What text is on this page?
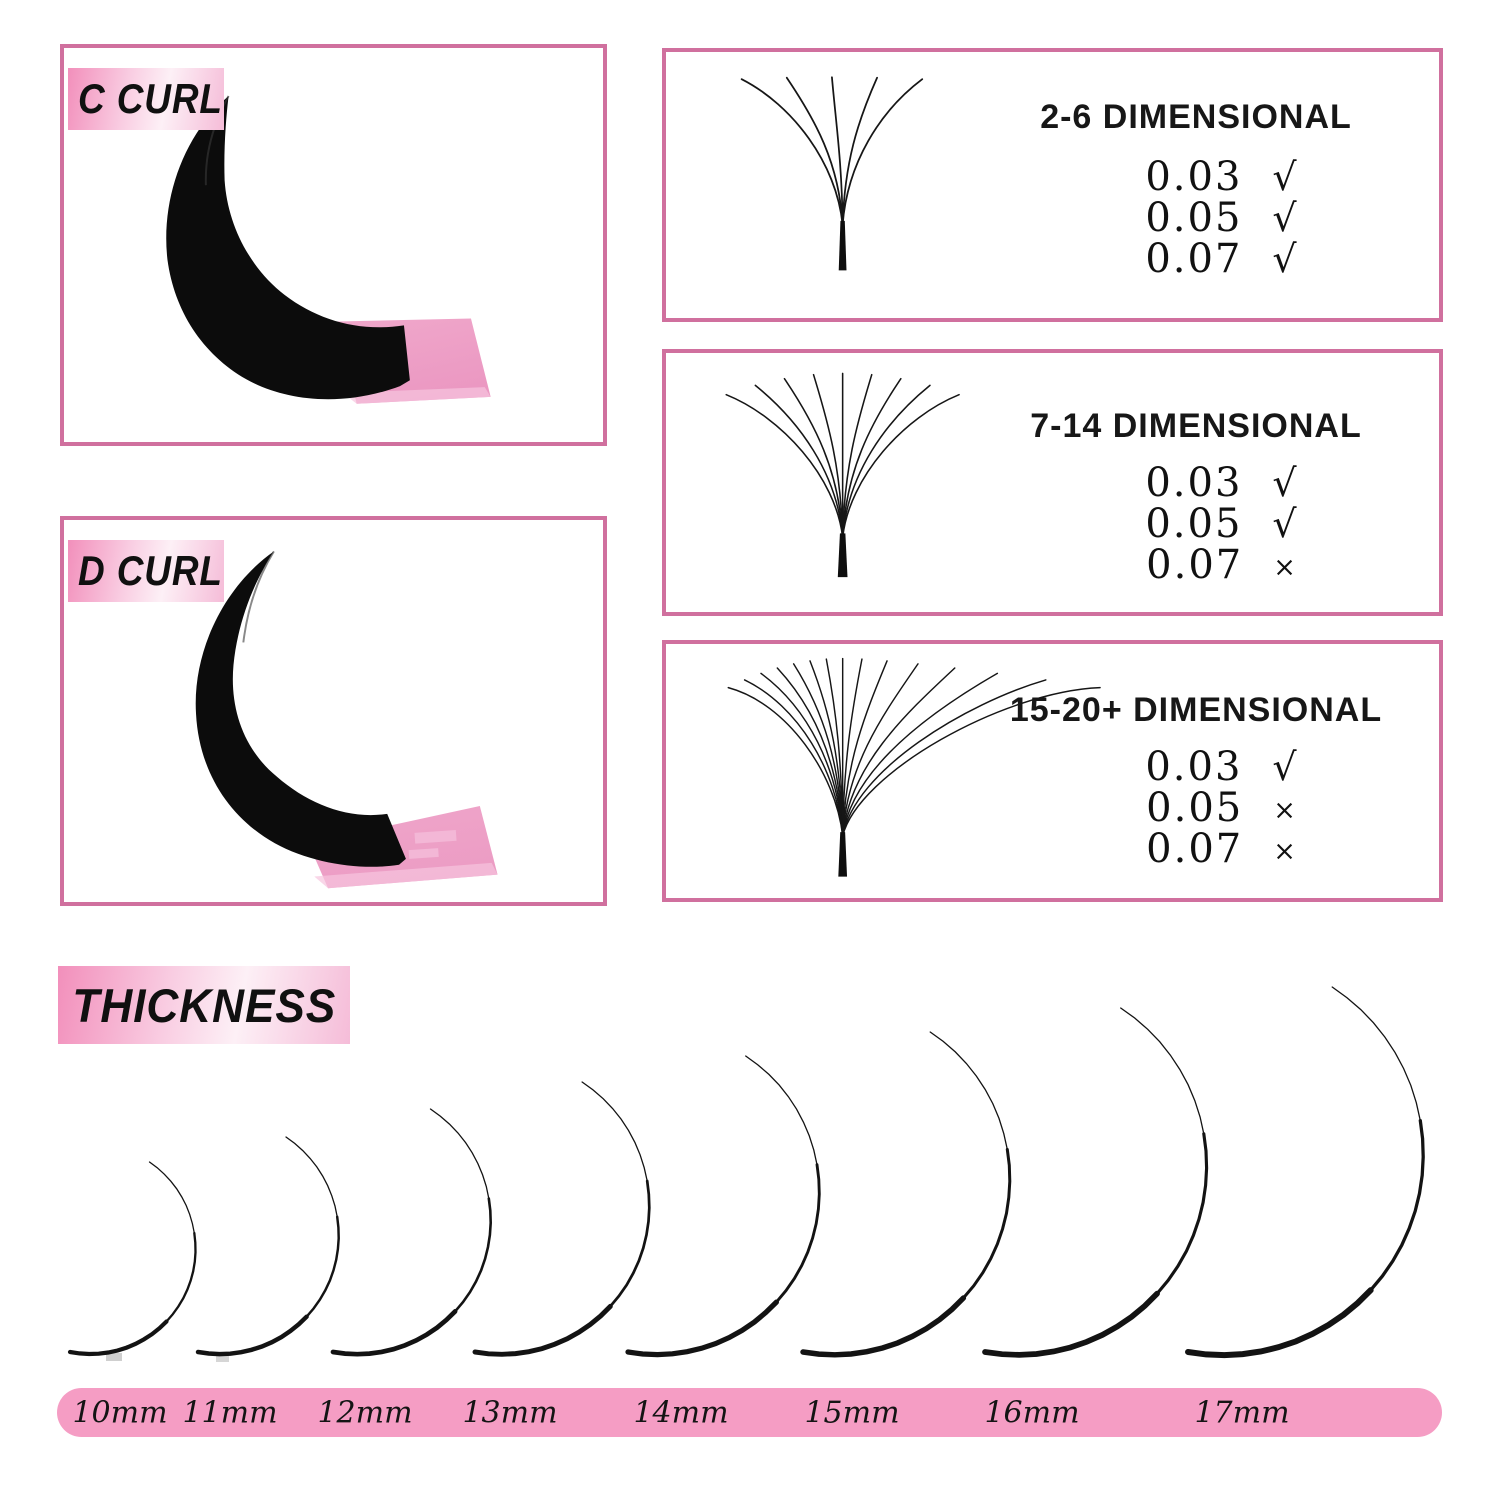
C CURL
D CURL
2-6 DIMENSIONAL
0.03 √
0.05 √
0.07 √
7-14 DIMENSIONAL
0.03 √
0.05 √
0.07 ×
15-20+ DIMENSIONAL
0.03 √
0.05 ×
0.07 ×
THICKNESS
10mm 11mm 12mm 13mm	14mm	15mm	16mm	17mm
